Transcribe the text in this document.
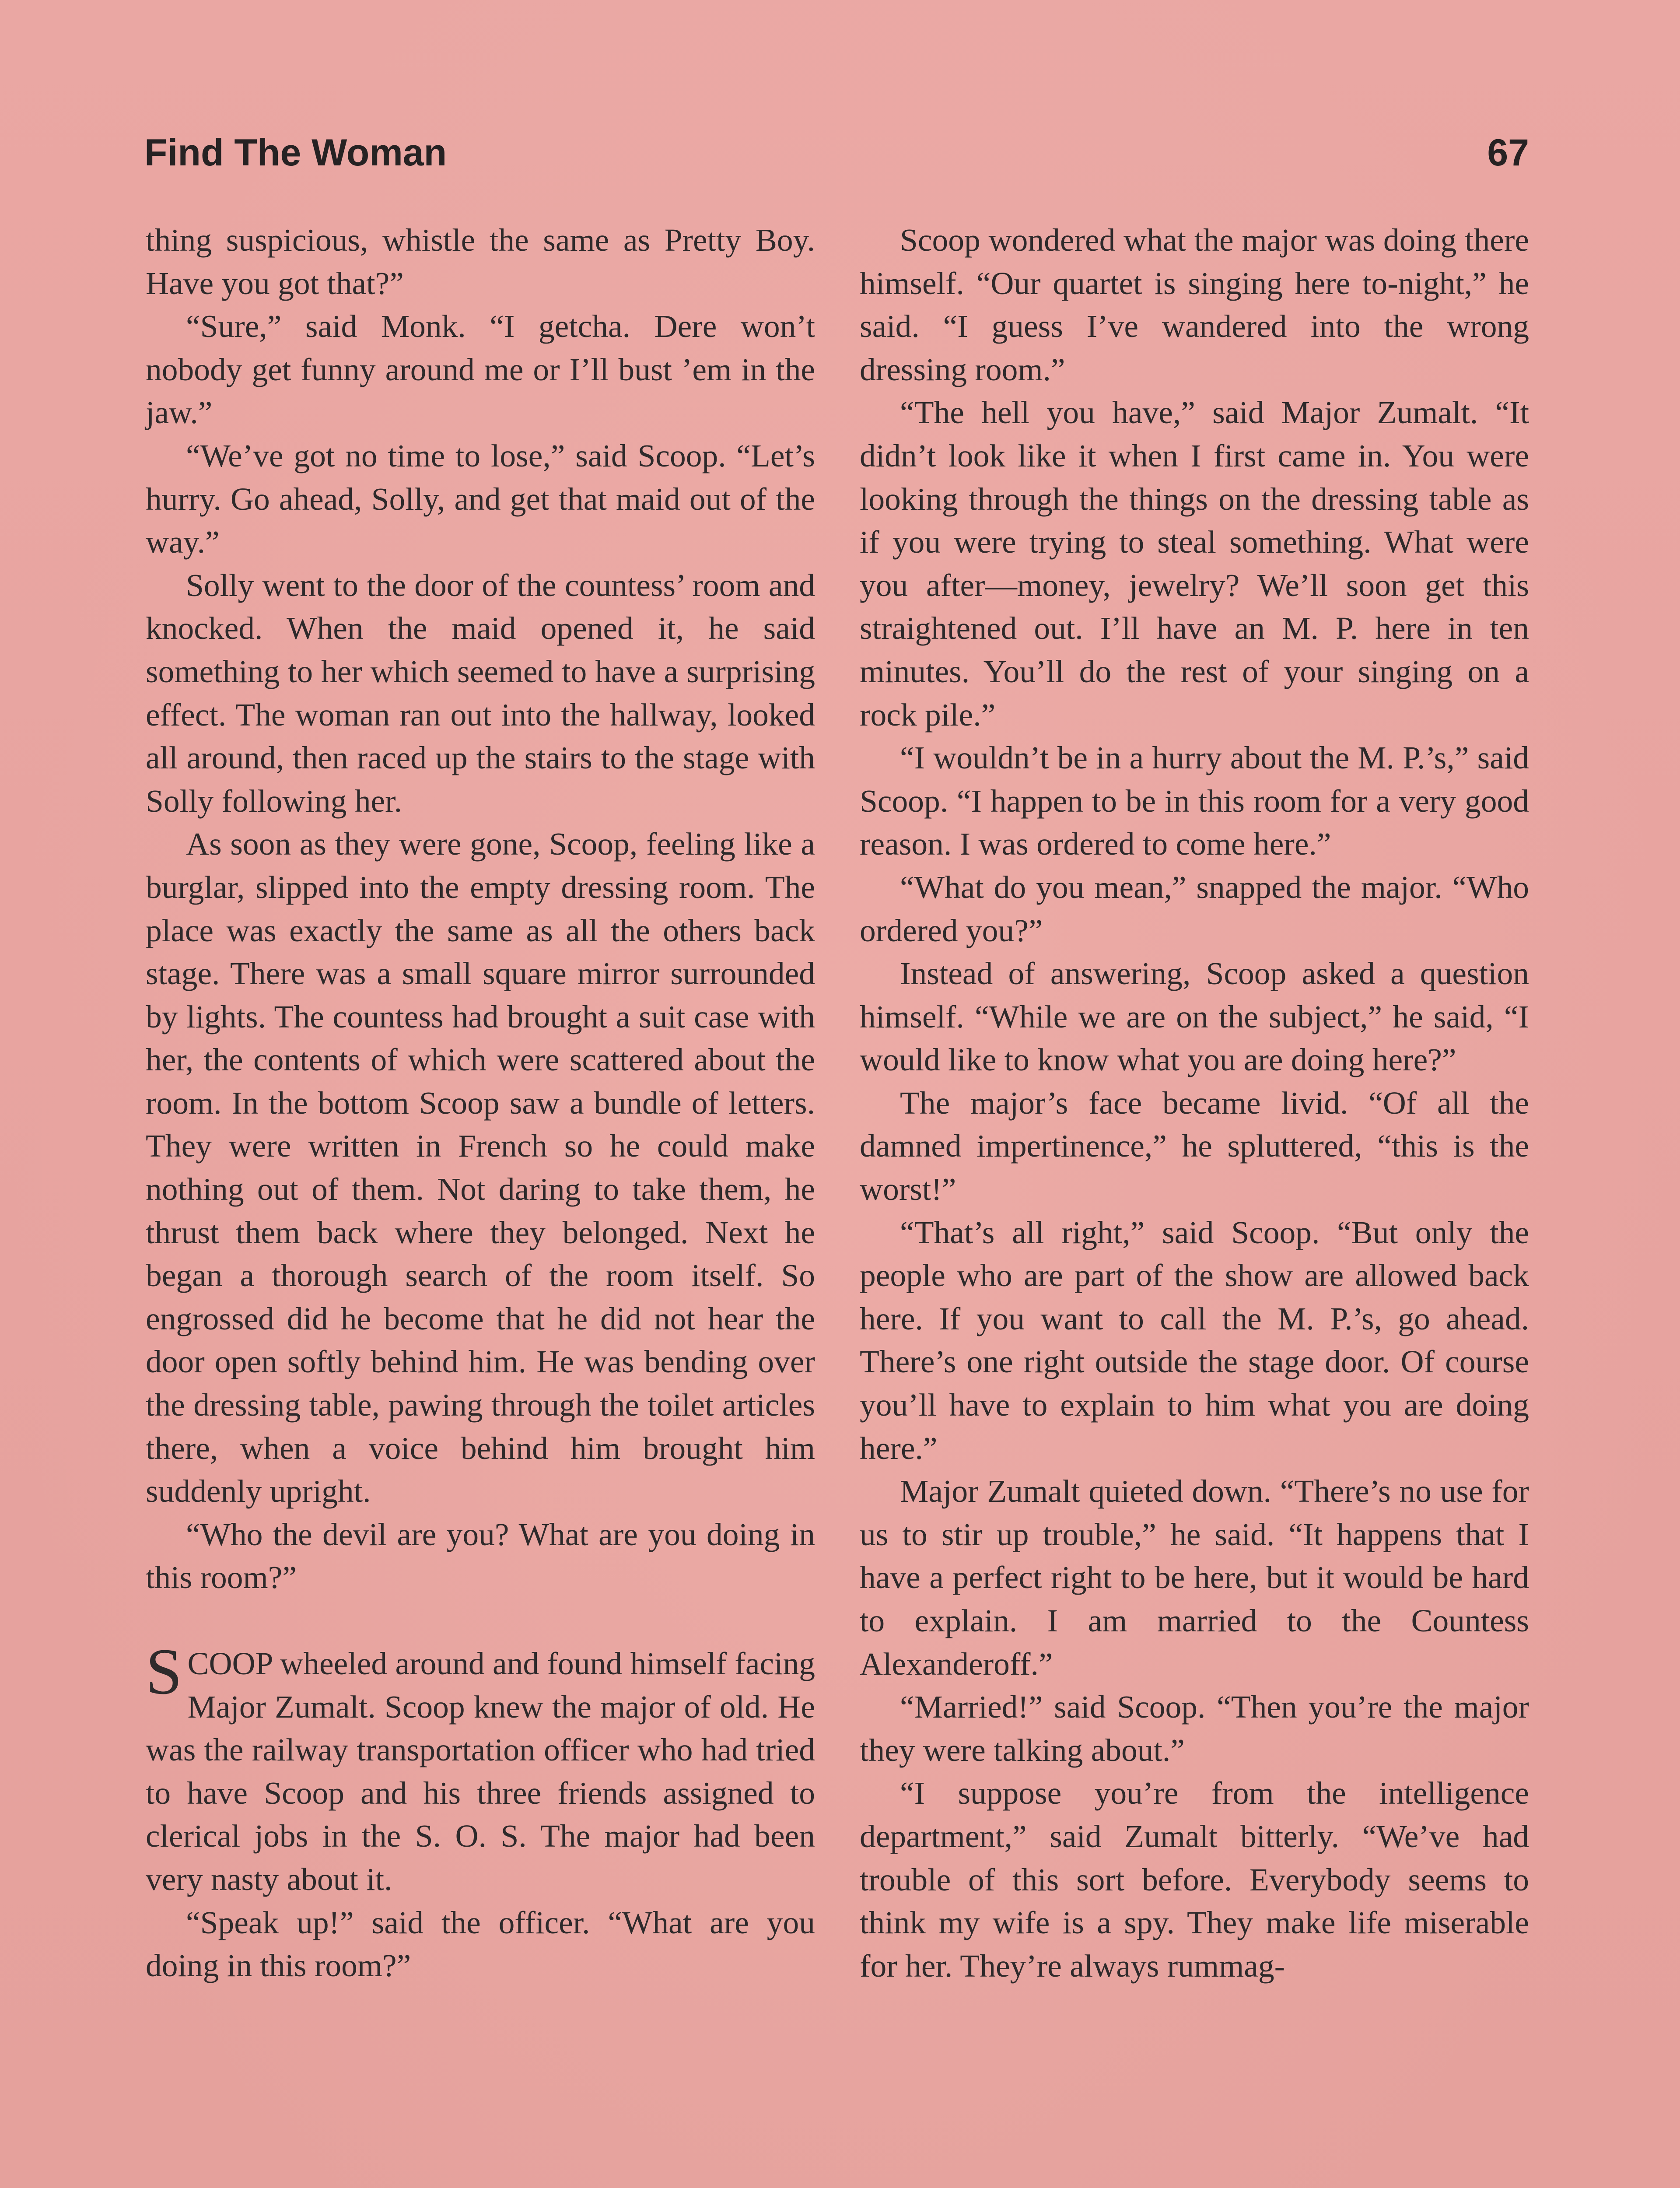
Find The Woman	67

thing suspicious, whistle the same as Pretty Boy. Have you got that?”

“Sure,” said Monk. “I getcha. Dere won’t nobody get funny around me or I’ll bust ’em in the jaw.”

“We’ve got no time to lose,” said Scoop. “Let’s hurry. Go ahead, Solly, and get that maid out of the way.”

Solly went to the door of the countess’ room and knocked. When the maid opened it, he said something to her which seemed to have a surprising effect. The woman ran out into the hallway, looked all around, then raced up the stairs to the stage with Solly following her.

As soon as they were gone, Scoop, feeling like a burglar, slipped into the empty dressing room. The place was exactly the same as all the others back stage. There was a small square mirror surrounded by lights. The countess had brought a suit case with her, the contents of which were scattered about the room. In the bottom Scoop saw a bundle of letters. They were written in French so he could make nothing out of them. Not daring to take them, he thrust them back where they belonged. Next he began a thorough search of the room itself. So engrossed did he become that he did not hear the door open softly behind him. He was bending over the dressing table, pawing through the toilet articles there, when a voice behind him brought him suddenly upright.

“Who the devil are you? What are you doing in this room?”

SCOOP wheeled around and found himself facing Major Zumalt. Scoop knew the major of old. He was the railway transportation officer who had tried to have Scoop and his three friends assigned to clerical jobs in the S. O. S. The major had been very nasty about it.

“Speak up!” said the officer. “What are you doing in this room?”

Scoop wondered what the major was doing there himself. “Our quartet is singing here to-night,” he said. “I guess I’ve wandered into the wrong dressing room.”

“The hell you have,” said Major Zumalt. “It didn’t look like it when I first came in. You were looking through the things on the dressing table as if you were trying to steal something. What were you after—money, jewelry? We’ll soon get this straightened out. I’ll have an M. P. here in ten minutes. You’ll do the rest of your singing on a rock pile.”

“I wouldn’t be in a hurry about the M. P.’s,” said Scoop. “I happen to be in this room for a very good reason. I was ordered to come here.”

“What do you mean,” snapped the major. “Who ordered you?”

Instead of answering, Scoop asked a question himself. “While we are on the subject,” he said, “I would like to know what you are doing here?”

The major’s face became livid. “Of all the damned impertinence,” he spluttered, “this is the worst!”

“That’s all right,” said Scoop. “But only the people who are part of the show are allowed back here. If you want to call the M. P.’s, go ahead. There’s one right outside the stage door. Of course you’ll have to explain to him what you are doing here.”

Major Zumalt quieted down. “There’s no use for us to stir up trouble,” he said. “It happens that I have a perfect right to be here, but it would be hard to explain. I am married to the Countess Alexanderoff.”

“Married!” said Scoop. “Then you’re the major they were talking about.”

“I suppose you’re from the intelligence department,” said Zumalt bitterly. “We’ve had trouble of this sort before. Everybody seems to think my wife is a spy. They make life miserable for her. They’re always rummag-
